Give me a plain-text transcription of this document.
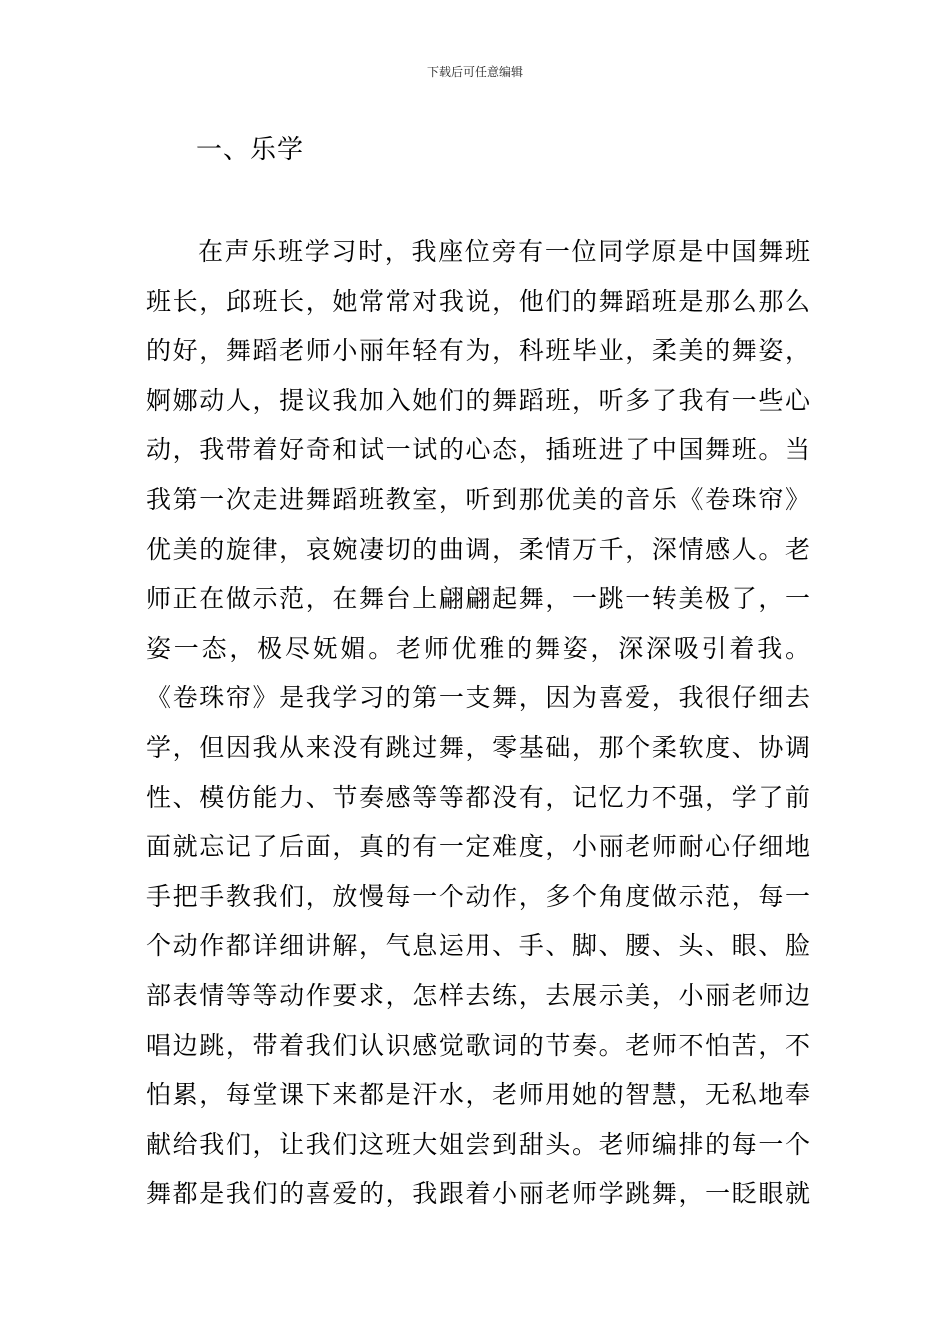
下载后可任意编辑
一、乐学
在声乐班学习时，我座位旁有一位同学原是中国舞班
班长，邱班长，她常常对我说，他们的舞蹈班是那么那么
的好，舞蹈老师小丽年轻有为，科班毕业，柔美的舞姿，
婀娜动人，提议我加入她们的舞蹈班，听多了我有一些心
动，我带着好奇和试一试的心态，插班进了中国舞班。当
我第一次走进舞蹈班教室，听到那优美的音乐《卷珠帘》
优美的旋律，哀婉凄切的曲调，柔情万千，深情感人。老
师正在做示范，在舞台上翩翩起舞，一跳一转美极了，一
姿一态，极尽妩媚。老师优雅的舞姿，深深吸引着我。
《卷珠帘》是我学习的第一支舞，因为喜爱，我很仔细去
学，但因我从来没有跳过舞，零基础，那个柔软度、协调
性、模仿能力、节奏感等等都没有，记忆力不强，学了前
面就忘记了后面，真的有一定难度，小丽老师耐心仔细地
手把手教我们，放慢每一个动作，多个角度做示范，每一
个动作都详细讲解，气息运用、手、脚、腰、头、眼、脸
部表情等等动作要求，怎样去练，去展示美，小丽老师边
唱边跳，带着我们认识感觉歌词的节奏。老师不怕苦，不
怕累，每堂课下来都是汗水，老师用她的智慧，无私地奉
献给我们，让我们这班大姐尝到甜头。老师编排的每一个
舞都是我们的喜爱的，我跟着小丽老师学跳舞，一眨眼就
